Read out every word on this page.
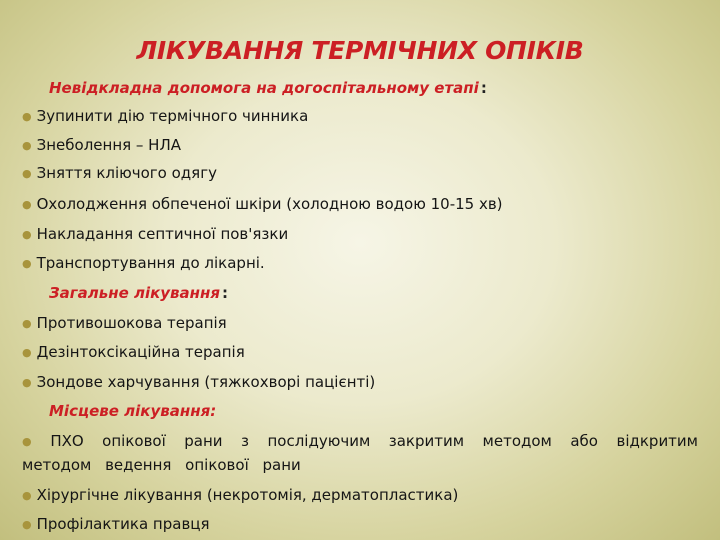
ЛІКУВАННЯ ТЕРМІЧНИХ ОПІКІВ
Невідкладна допомога на догоспітальному етапі :
● Зупинити дію термічного чинника
● Знеболення – НЛА
● Зняття кліючого одягу
● Охолодження обпеченої шкіри (холодною водою 10-15 хв)
● Накладання септичної пов'язки
● Транспортування до лікарні.
Загальне лікування :
● Противошокова терапія
● Дезінтоксікаційна терапія
● Зондове харчування (тяжкохворі пацієнті)
Місцеве лікування:
● ПХО опікової рани з послідуючим закритим методом або відкритим методом ведення опікової рани
● Хірургічне лікування (некротомія, дерматопластика)
● Профілактика правця
